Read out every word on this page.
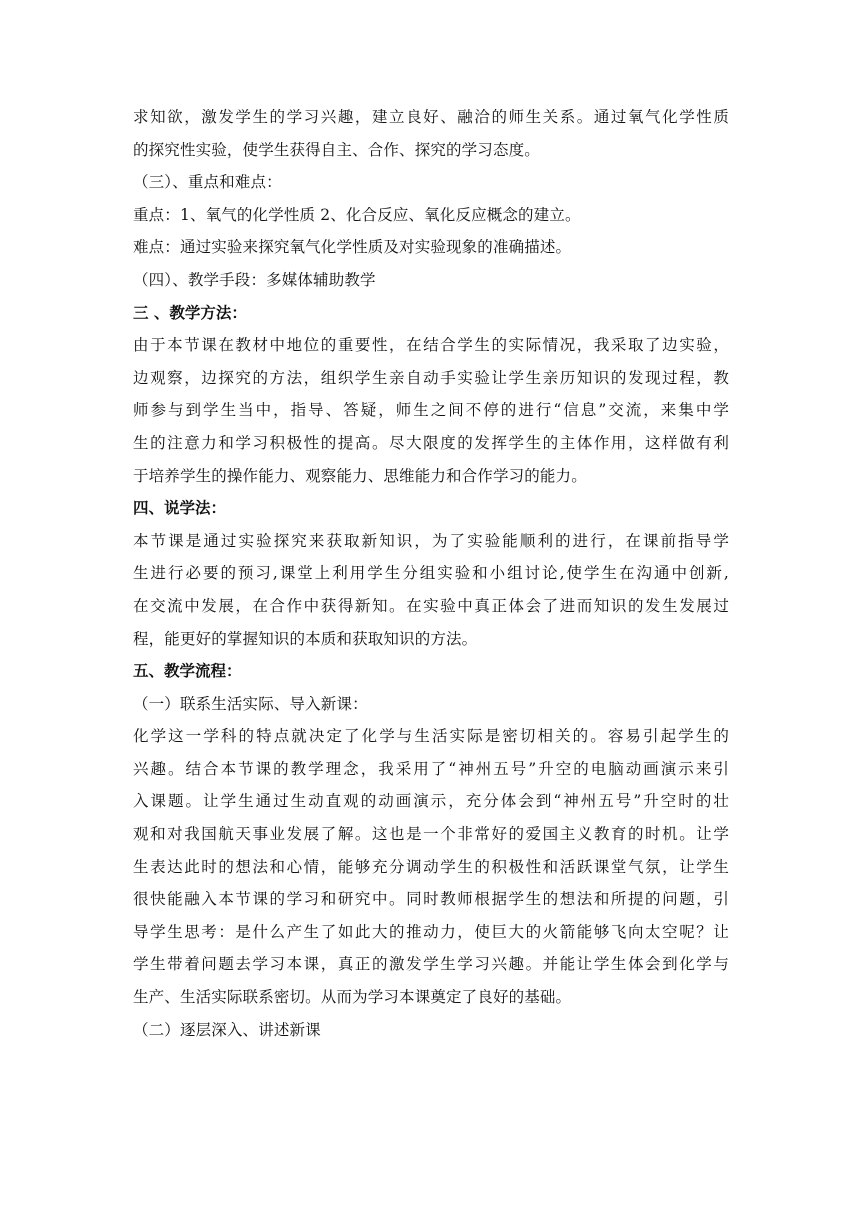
求知欲，激发学生的学习兴趣，建立良好、融洽的师生关系。通过氧气化学性质

的探究性实验，使学生获得自主、合作、探究的学习态度。

（三）、重点和难点：

重点：1、氧气的化学性质 2、化合反应、氧化反应概念的建立。

难点：通过实验来探究氧气化学性质及对实验现象的准确描述。

（四）、教学手段：多媒体辅助教学

三 、教学方法：

由于本节课在教材中地位的重要性，在结合学生的实际情况，我采取了边实验，

边观察，边探究的方法，组织学生亲自动手实验让学生亲历知识的发现过程，教

师参与到学生当中，指导、答疑，师生之间不停的进行“信息”交流，来集中学

生的注意力和学习积极性的提高。尽大限度的发挥学生的主体作用，这样做有利

于培养学生的操作能力、观察能力、思维能力和合作学习的能力。

四、说学法：

本节课是通过实验探究来获取新知识，为了实验能顺利的进行，在课前指导学

生进行必要的预习,课堂上利用学生分组实验和小组讨论,使学生在沟通中创新,

在交流中发展，在合作中获得新知。在实验中真正体会了进而知识的发生发展过

程，能更好的掌握知识的本质和获取知识的方法。

五、教学流程：

（一）联系生活实际、导入新课：

化学这一学科的特点就决定了化学与生活实际是密切相关的。容易引起学生的

兴趣。结合本节课的教学理念，我采用了“神州五号”升空的电脑动画演示来引

入课题。让学生通过生动直观的动画演示，充分体会到“神州五号”升空时的壮

观和对我国航天事业发展了解。这也是一个非常好的爱国主义教育的时机。让学

生表达此时的想法和心情，能够充分调动学生的积极性和活跃课堂气氛，让学生

很快能融入本节课的学习和研究中。同时教师根据学生的想法和所提的问题，引

导学生思考：是什么产生了如此大的推动力，使巨大的火箭能够飞向太空呢？让

学生带着问题去学习本课，真正的激发学生学习兴趣。并能让学生体会到化学与

生产、生活实际联系密切。从而为学习本课奠定了良好的基础。

（二）逐层深入、讲述新课
